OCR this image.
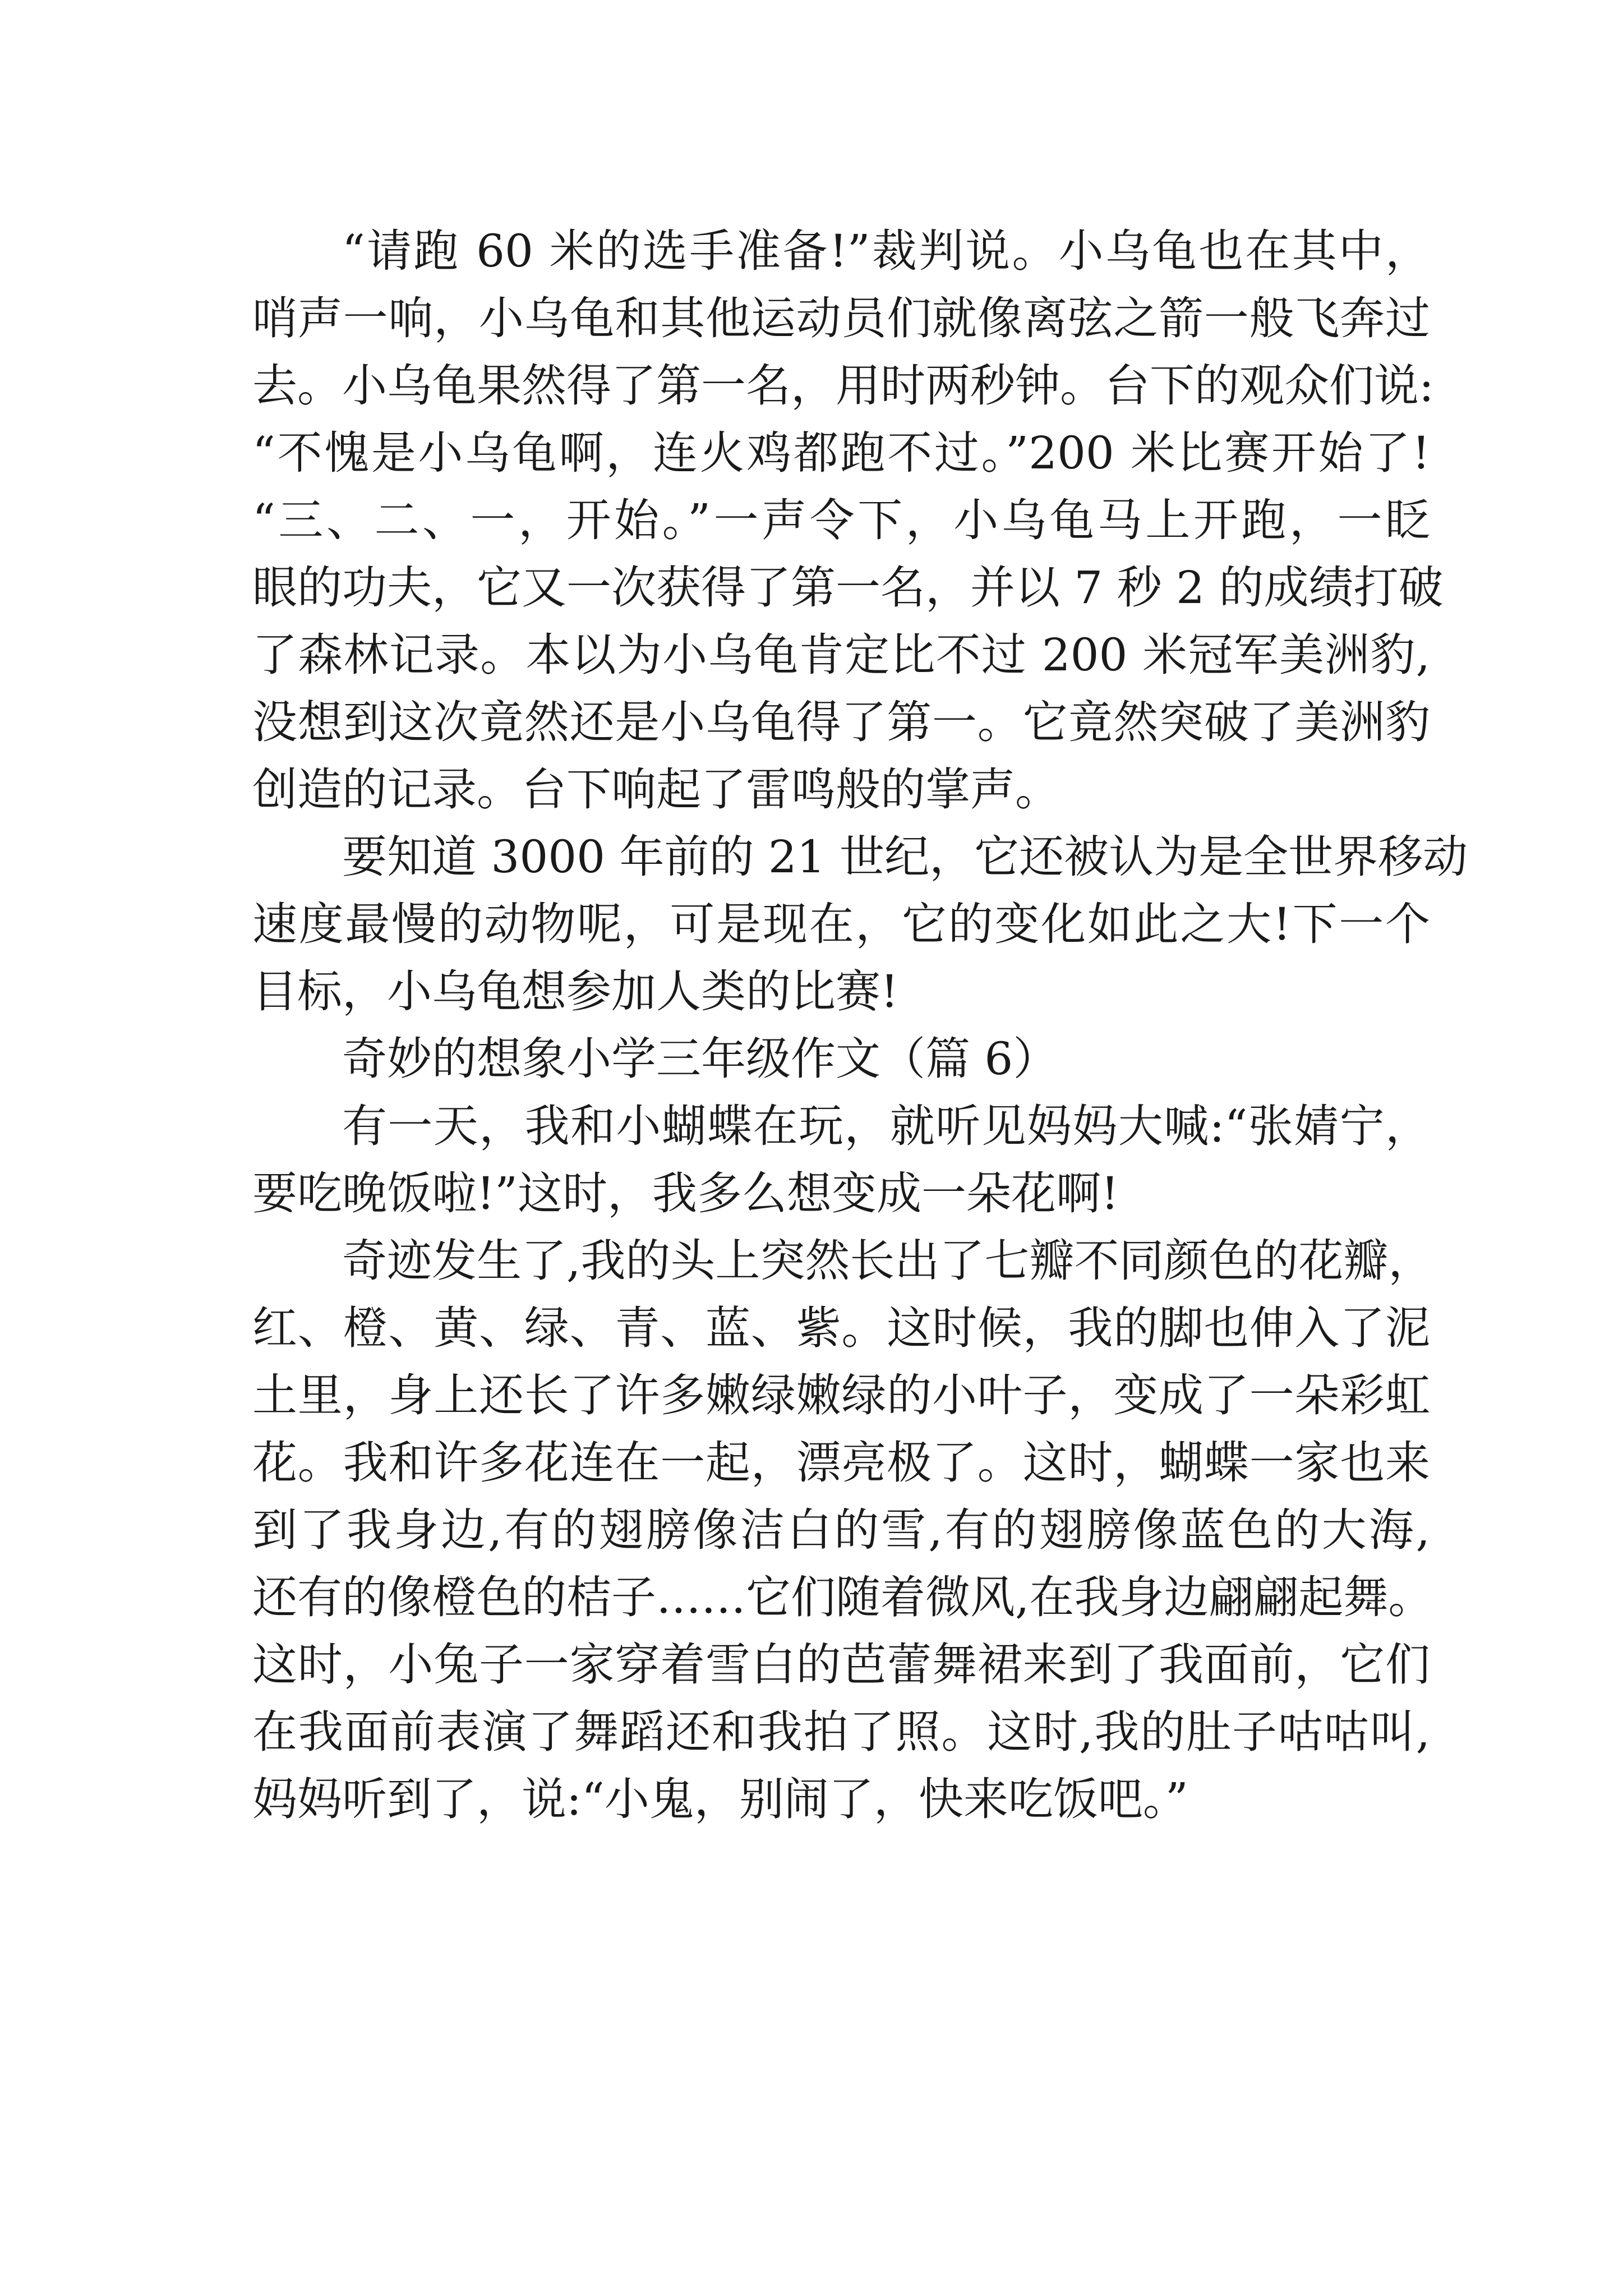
“请跑 60 米的选手准备!”裁判说。小乌龟也在其中，
哨声一响，小乌龟和其他运动员们就像离弦之箭一般飞奔过
去。小乌龟果然得了第一名，用时两秒钟。台下的观众们说:
“不愧是小乌龟啊，连火鸡都跑不过。”200 米比赛开始了!
“三、二、一，开始。”一声令下，小乌龟马上开跑，一眨
眼的功夫，它又一次获得了第一名，并以 7 秒 2 的成绩打破
了森林记录。本以为小乌龟肯定比不过 200 米冠军美洲豹,
没想到这次竟然还是小乌龟得了第一。它竟然突破了美洲豹
创造的记录。台下响起了雷鸣般的掌声。
要知道 3000 年前的 21 世纪，它还被认为是全世界移动
速度最慢的动物呢，可是现在，它的变化如此之大!下一个
目标，小乌龟想参加人类的比赛!
奇妙的想象小学三年级作文（篇 6）
有一天，我和小蝴蝶在玩，就听见妈妈大喊:“张婧宁，
要吃晚饭啦!”这时，我多么想变成一朵花啊!
奇迹发生了,我的头上突然长出了七瓣不同颜色的花瓣，
红、橙、黄、绿、青、蓝、紫。这时候，我的脚也伸入了泥
土里，身上还长了许多嫩绿嫩绿的小叶子，变成了一朵彩虹
花。我和许多花连在一起，漂亮极了。这时，蝴蝶一家也来
到了我身边,有的翅膀像洁白的雪,有的翅膀像蓝色的大海,
还有的像橙色的桔子……它们随着微风,在我身边翩翩起舞。
这时，小兔子一家穿着雪白的芭蕾舞裙来到了我面前，它们
在我面前表演了舞蹈还和我拍了照。这时,我的肚子咕咕叫,
妈妈听到了，说:“小鬼，别闹了，快来吃饭吧。”
